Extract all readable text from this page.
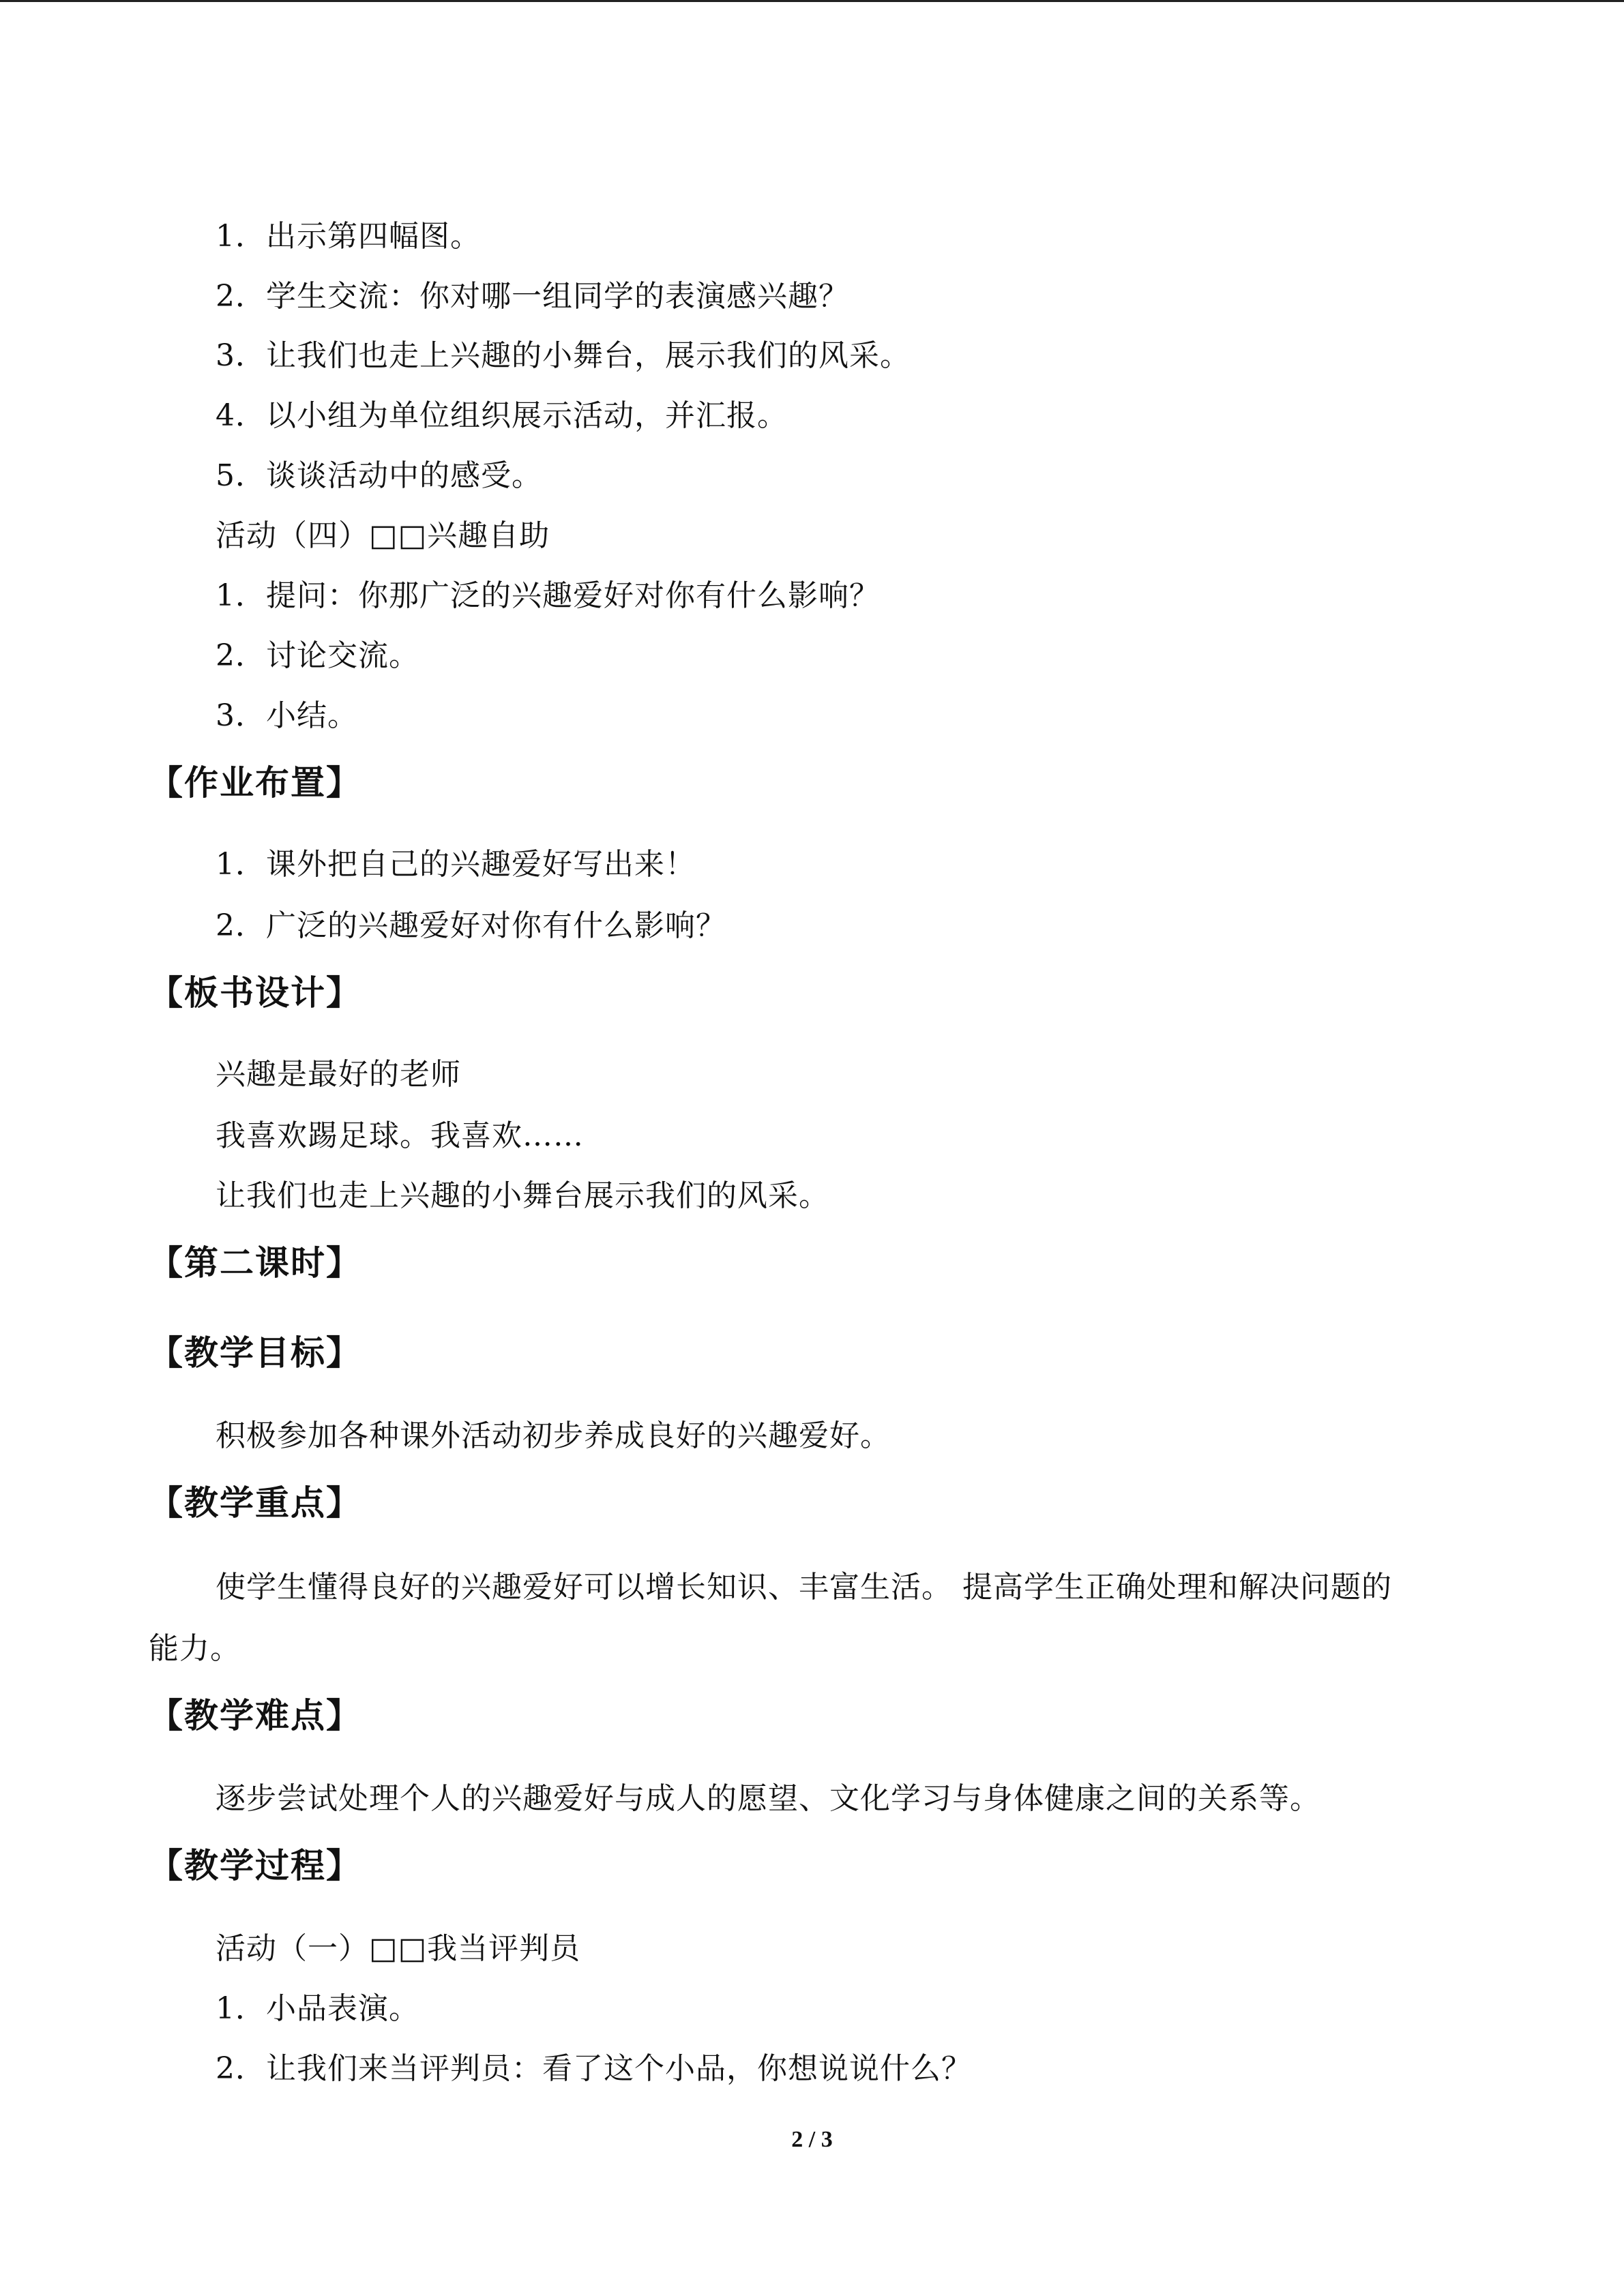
1．出示第四幅图。
2．学生交流：你对哪一组同学的表演感兴趣？
3．让我们也走上兴趣的小舞台，展示我们的风采。
4．以小组为单位组织展示活动，并汇报。
5．谈谈活动中的感受。
活动（四）□□兴趣自助
1．提问：你那广泛的兴趣爱好对你有什么影响？
2．讨论交流。
3．小结。
【作业布置】
1．课外把自己的兴趣爱好写出来！
2．广泛的兴趣爱好对你有什么影响？
【板书设计】
兴趣是最好的老师
我喜欢踢足球。我喜欢……
让我们也走上兴趣的小舞台展示我们的风采。
【第二课时】
【教学目标】
积极参加各种课外活动初步养成良好的兴趣爱好。
【教学重点】
使学生懂得良好的兴趣爱好可以增长知识、丰富生活。 提高学生正确处理和解决问题的
能力。
【教学难点】
逐步尝试处理个人的兴趣爱好与成人的愿望、文化学习与身体健康之间的关系等。
【教学过程】
活动（一）□□我当评判员
1．小品表演。
2．让我们来当评判员：看了这个小品，你想说说什么？
2 / 3
